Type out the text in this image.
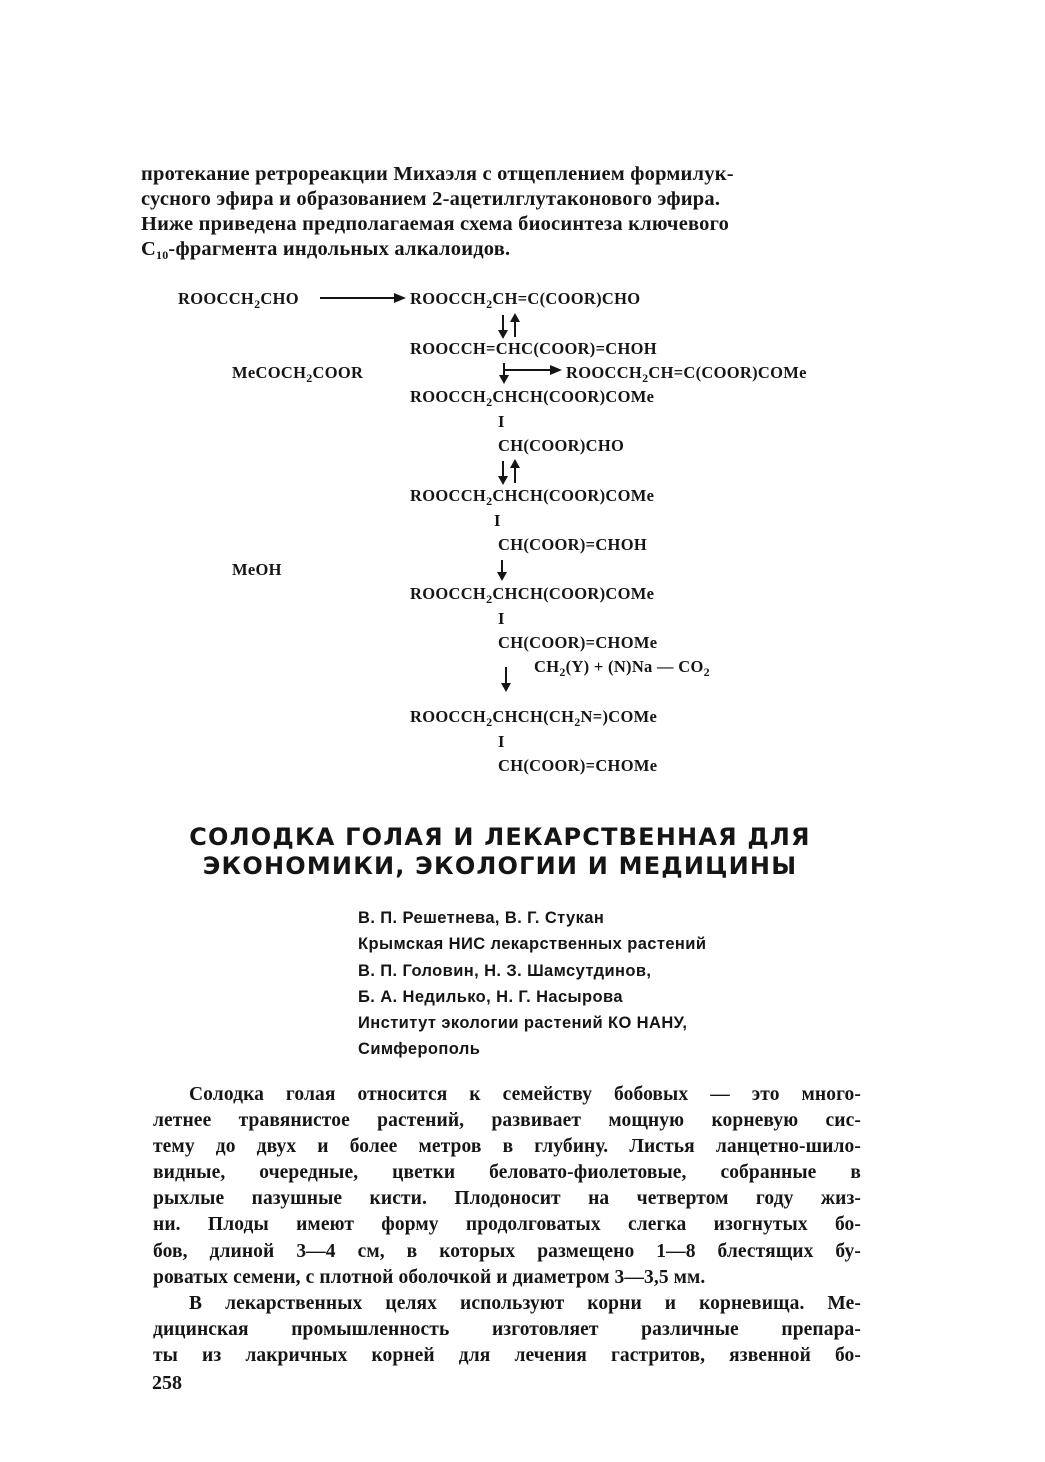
протекание ретрореакции Михаэля с отщеплением формилук-

сусного эфира и образованием 2-ацетилглутаконового эфира.

Ниже приведена предполагаемая схема биосинтеза ключевого

$C_{10}$-фрагмента индольных алкалоидов.

$ROOCCH_2CHO$	$ROOCCH_2CH=C(COOR)CHO$
ROOCCH=CHC(COOR)=CHOH
MeCOCH$_2$COOR	$ROOCCH_2CH=C(COOR)COMe$
$ROOCCH_2CHCH(COOR)COMe$
I
CH(COOR)CHO
$ROOCCH_2CHCH(COOR)COMe$
I
CH(COOR)=CHOH
MeOH
$ROOCCH_2CHCH(COOR)COMe$
I
CH(COOR)=CHOMe
$CH_2(Y) + (N)Na$ — $CO_2$
$ROOCCH_2CHCH(CH_2N=)COMe$
I
CH(COOR)=CHOMe
СОЛОДКА ГОЛАЯ И ЛЕКАРСТВЕННАЯ ДЛЯ
ЭКОНОМИКИ, ЭКОЛОГИИ И МЕДИЦИНЫ
В. П. Решетнева, В. Г. Стукан
Крымская НИС лекарственных растений
В. П. Головин, Н. З. Шамсутдинов,
Б. А. Недилько, Н. Г. Насырова
Институт экологии растений КО НАНУ,
Симферополь
Солодка голая относится к семейству бобовых — это много-
летнее травянистое растений, развивает мощную корневую сис-
тему до двух и более метров в глубину. Листья ланцетно-шило-
видные, очередные, цветки беловато-фиолетовые, собранные в
рыхлые пазушные кисти. Плодоносит на четвертом году жиз-
ни. Плоды имеют форму продолговатых слегка изогнутых бо-
бов, длиной 3—4 см, в которых размещено 1—8 блестящих бу-
роватых семени, с плотной оболочкой и диаметром 3—3,5 мм.
В лекарственных целях используют корни и корневища. Ме-
дицинская промышленность изготовляет различные препара-
ты из лакричных корней для лечения гастритов, язвенной бо-
258
